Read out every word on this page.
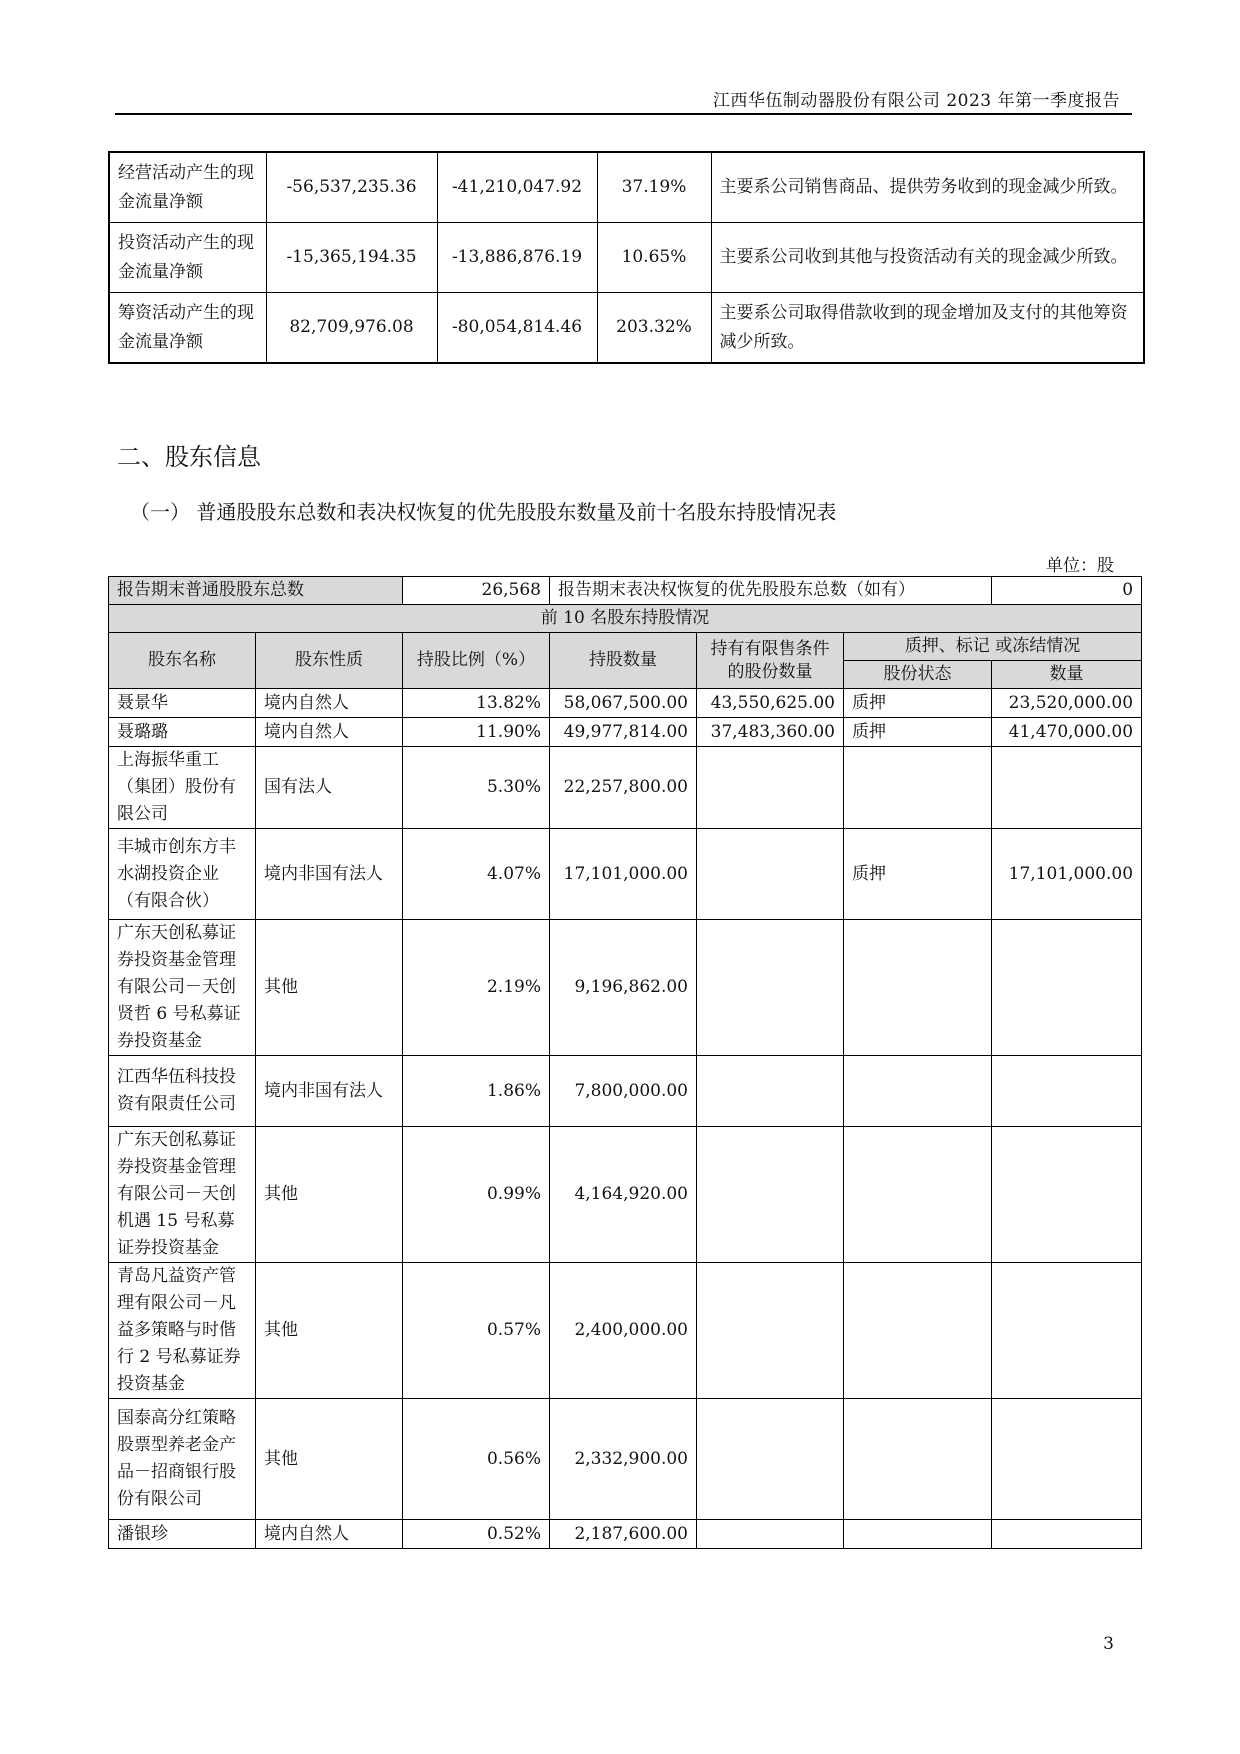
江西华伍制动器股份有限公司 2023 年第一季度报告
经营活动产生的现金流量净额	-56,537,235.36	-41,210,047.92	37.19%	主要系公司销售商品、提供劳务收到的现金减少所致。
投资活动产生的现金流量净额	-15,365,194.35	-13,886,876.19	10.65%	主要系公司收到其他与投资活动有关的现金减少所致。
筹资活动产生的现金流量净额	82,709,976.08	-80,054,814.46	203.32%	主要系公司取得借款收到的现金增加及支付的其他筹资减少所致。
二、股东信息
（一） 普通股股东总数和表决权恢复的优先股股东数量及前十名股东持股情况表
单位：股
报告期末普通股股东总数		26,568	报告期末表决权恢复的优先股股东总数（如有）			0
前 10 名股东持股情况						
股东名称	股东性质	持股比例（%）	持股数量	持有有限售条件的股份数量	质押、标记 或冻结情况	
					股份状态	数量
聂景华	境内自然人	13.82%	58,067,500.00	43,550,625.00	质押	23,520,000.00
聂璐璐	境内自然人	11.90%	49,977,814.00	37,483,360.00	质押	41,470,000.00
上海振华重工（集团）股份有限公司	国有法人	5.30%	22,257,800.00			
丰城市创东方丰水湖投资企业（有限合伙）	境内非国有法人	4.07%	17,101,000.00		质押	17,101,000.00
广东天创私募证券投资基金管理有限公司－天创贤哲 6 号私募证券投资基金	其他	2.19%	9,196,862.00			
江西华伍科技投资有限责任公司	境内非国有法人	1.86%	7,800,000.00			
广东天创私募证券投资基金管理有限公司－天创机遇 15 号私募证券投资基金	其他	0.99%	4,164,920.00			
青岛凡益资产管理有限公司－凡益多策略与时偕行 2 号私募证券投资基金	其他	0.57%	2,400,000.00			
国泰高分红策略股票型养老金产品－招商银行股份有限公司	其他	0.56%	2,332,900.00			
潘银珍	境内自然人	0.52%	2,187,600.00			
3
